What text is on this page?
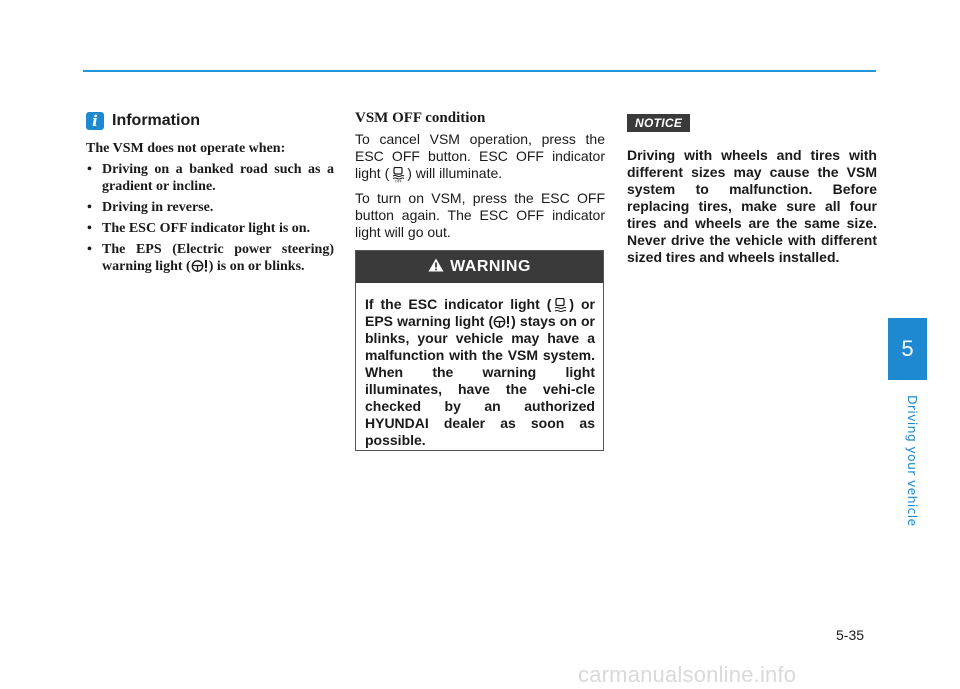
5
Driving your vehicle
i Information
The VSM does not operate when:
• Driving on a banked road such as a gradient or incline.
• Driving in reverse.
• The ESC OFF indicator light is on.
• The EPS (Electric power steering) warning light ( ) is on or blinks.
VSM OFF condition

To cancel VSM operation, press the ESC OFF button. ESC OFF indicator light (
OFF
) will illuminate.

To turn on VSM, press the ESC OFF button again. The ESC OFF indicator light will go out.

WARNING
If the ESC indicator light ( ) or EPS warning light ( ) stays on or blinks, your vehicle may have a malfunction with the VSM system. When the warning light illuminates, have the vehi-cle checked by an authorized HYUNDAI dealer as soon as possible.
NOTICE
Driving with wheels and tires with different sizes may cause the VSM system to malfunction. Before replacing tires, make sure all four tires and wheels are the same size. Never drive the vehicle with different sized tires and wheels installed.
5-35
carmanualsonline.info
